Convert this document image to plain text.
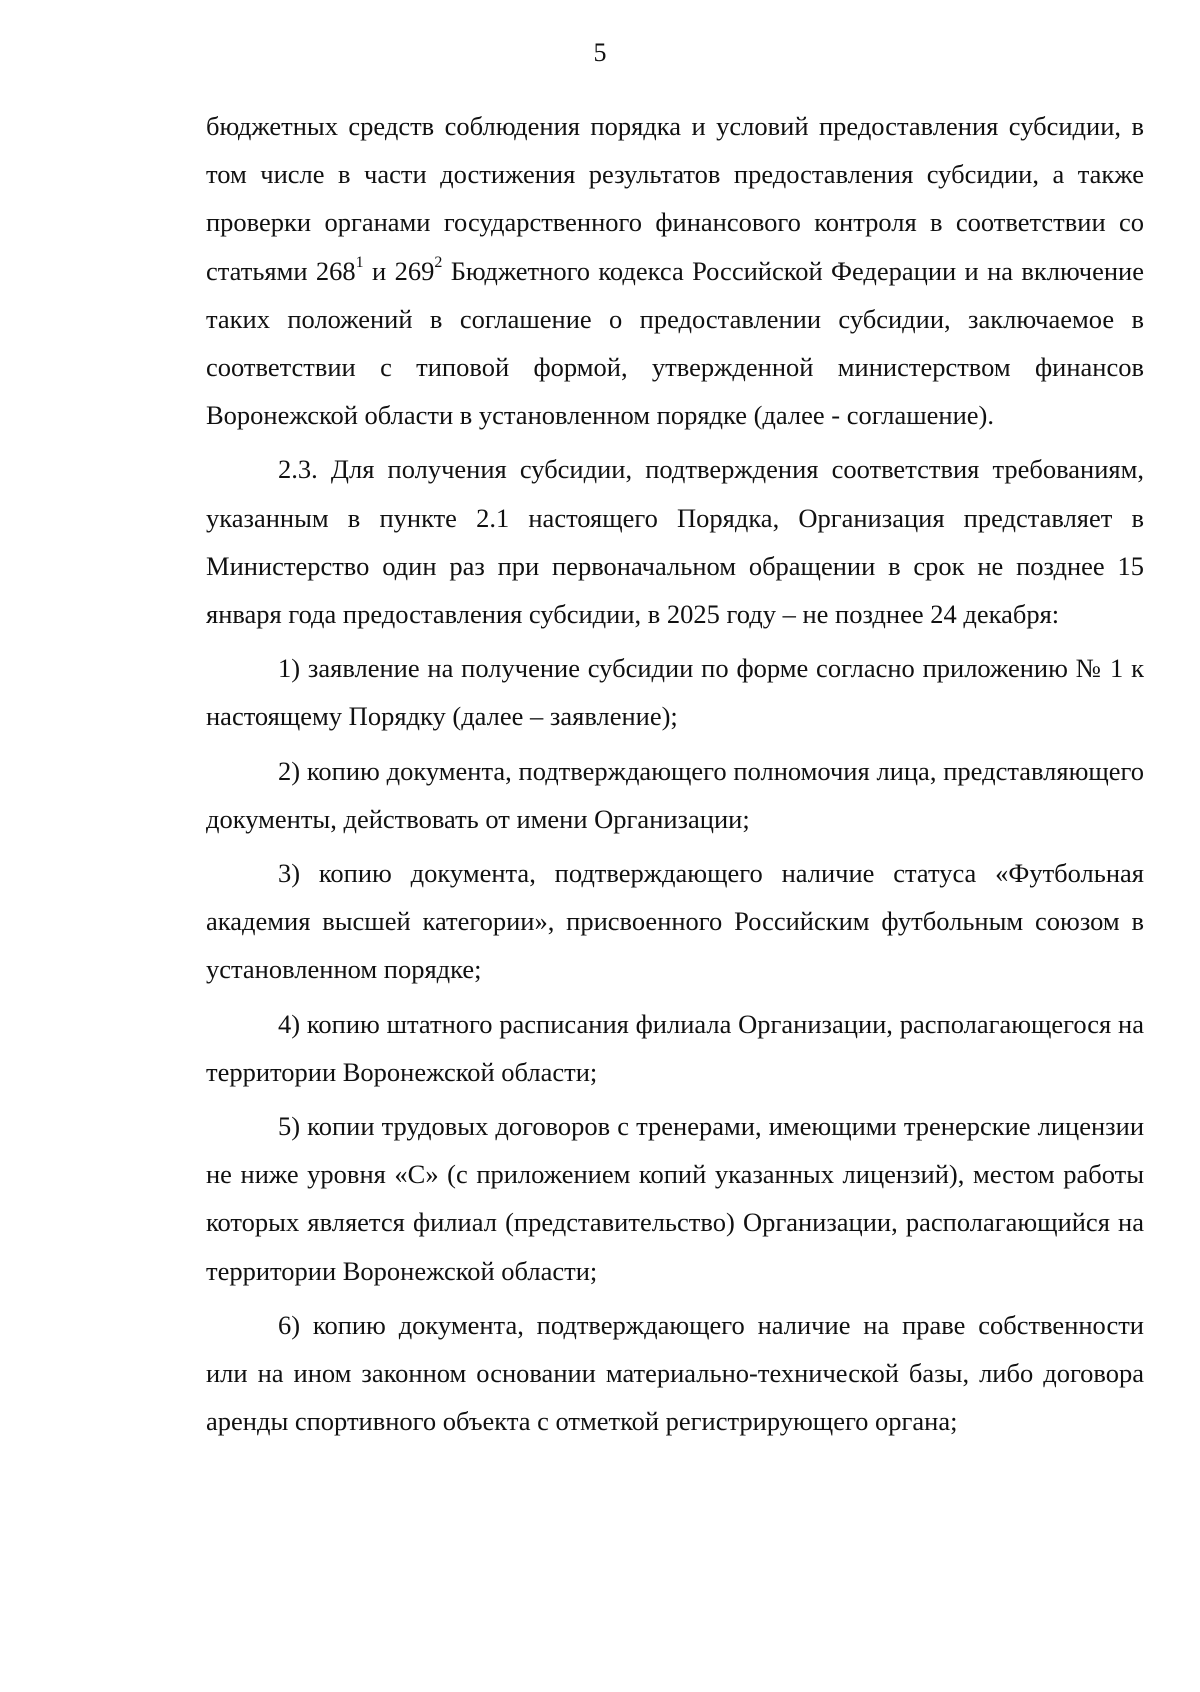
5

бюджетных средств соблюдения порядка и условий предоставления субсидии, в том числе в части достижения результатов предоставления субсидии, а также проверки органами государственного финансового контроля в соответствии со статьями $268^1$ и $269^2$ Бюджетного кодекса Российской Федерации и на включение таких положений в соглашение о предоставлении субсидии, заключаемое в соответствии с типовой формой, утвержденной министерством финансов Воронежской области в установленном порядке (далее - соглашение).

2.3. Для получения субсидии, подтверждения соответствия требованиям, указанным в пункте 2.1 настоящего Порядка, Организация представляет в Министерство один раз при первоначальном обращении в срок не позднее 15 января года предоставления субсидии, в 2025 году – не позднее 24 декабря:

1) заявление на получение субсидии по форме согласно приложению № 1 к настоящему Порядку (далее – заявление);

2) копию документа, подтверждающего полномочия лица, представляющего документы, действовать от имени Организации;

3) копию документа, подтверждающего наличие статуса «Футбольная академия высшей категории», присвоенного Российским футбольным союзом в установленном порядке;

4) копию штатного расписания филиала Организации, располагающегося на территории Воронежской области;

5) копии трудовых договоров с тренерами, имеющими тренерские лицензии не ниже уровня «С» (с приложением копий указанных лицензий), местом работы которых является филиал (представительство) Организации, располагающийся на территории Воронежской области;

6) копию документа, подтверждающего наличие на праве собственности или на ином законном основании материально-технической базы, либо договора аренды спортивного объекта с отметкой регистрирующего органа;
